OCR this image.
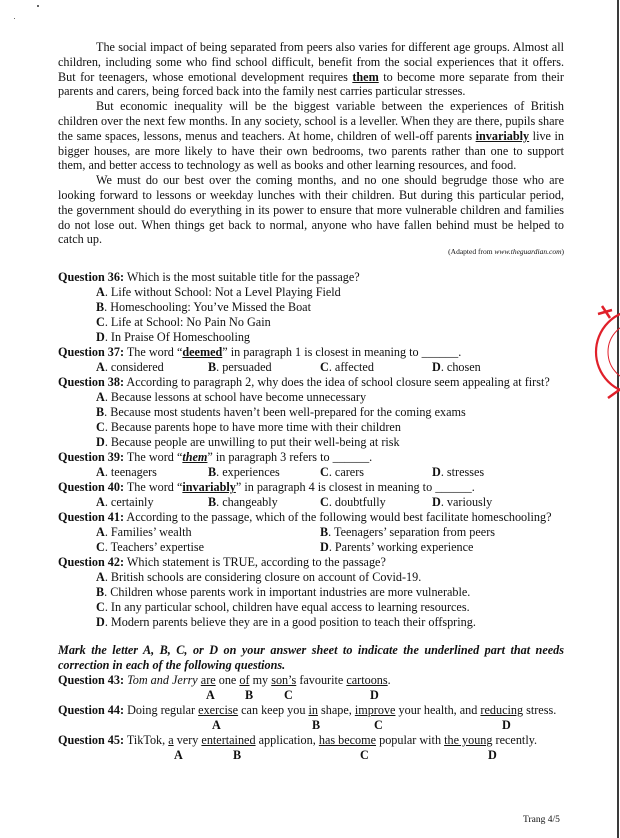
The social impact of being separated from peers also varies for different age groups. Almost all children, including some who find school difficult, benefit from the social experiences that it offers. But for teenagers, whose emotional development requires them to become more separate from their parents and carers, being forced back into the family nest carries particular stresses.

But economic inequality will be the biggest variable between the experiences of British children over the next few months. In any society, school is a leveller. When they are there, pupils share the same spaces, lessons, menus and teachers. At home, children of well-off parents invariably live in bigger houses, are more likely to have their own bedrooms, two parents rather than one to support them, and better access to technology as well as books and other learning resources, and food.

We must do our best over the coming months, and no one should begrudge those who are looking forward to lessons or weekday lunches with their children. But during this particular period, the government should do everything in its power to ensure that more vulnerable children and families do not lose out. When things get back to normal, anyone who have fallen behind must be helped to catch up.

(Adapted from www.theguardian.com)
Question 36: Which is the most suitable title for the passage?
A. Life without School: Not a Level Playing Field
B. Homeschooling: You’ve Missed the Boat
C. Life at School: No Pain No Gain
D. In Praise Of Homeschooling
Question 37: The word “deemed” in paragraph 1 is closest in meaning to ______.
A. considered	B. persuaded	C. affected	D. chosen
Question 38: According to paragraph 2, why does the idea of school closure seem appealing at first?
A. Because lessons at school have become unnecessary
B. Because most students haven’t been well-prepared for the coming exams
C. Because parents hope to have more time with their children
D. Because people are unwilling to put their well-being at risk
Question 39: The word “them” in paragraph 3 refers to ______.
A. teenagers	B. experiences	C. carers	D. stresses
Question 40: The word “invariably” in paragraph 4 is closest in meaning to ______.
A. certainly	B. changeably	C. doubtfully	D. variously
Question 41: According to the passage, which of the following would best facilitate homeschooling?
A. Families’ wealth	B. Teenagers’ separation from peers
C. Teachers’ expertise	D. Parents’ working experience
Question 42: Which statement is TRUE, according to the passage?
A. British schools are considering closure on account of Covid-19.
B. Children whose parents work in important industries are more vulnerable.
C. In any particular school, children have equal access to learning resources.
D. Modern parents believe they are in a good position to teach their offspring.
Mark the letter A, B, C, or D on your answer sheet to indicate the underlined part that needs correction in each of the following questions.
Question 43: Tom and Jerry are one of my son’s favourite cartoons.
A B	C	D
Question 44: Doing regular exercise can keep you in shape, improve your health, and reducing stress.
A	B	C	D
Question 45: TikTok, a very entertained application, has become popular with the young recently.
A	B	C	D
Trang 4/5
